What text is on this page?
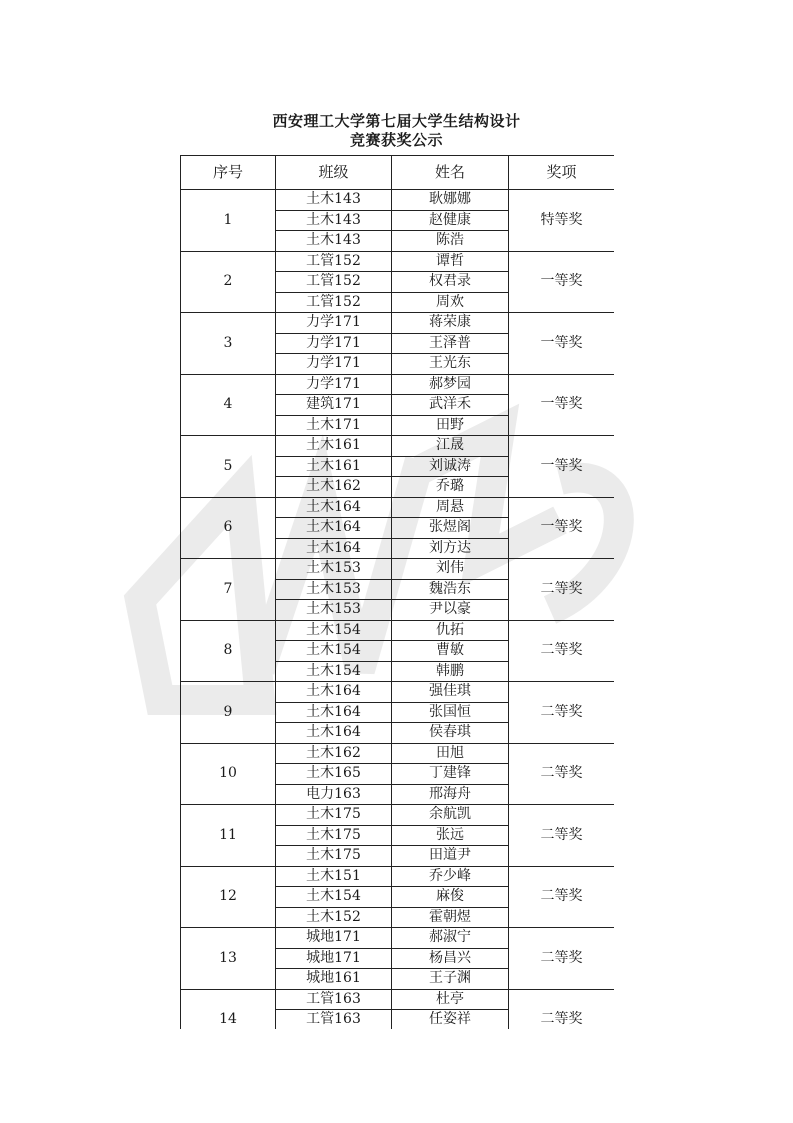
西安理工大学第七届大学生结构设计
竞赛获奖公示
序号	班级	姓名	奖项
1	土木143	耿娜娜	特等奖
	土木143	赵健康	
	土木143	陈浩	
2	工管152	谭哲	一等奖
	工管152	权君录	
	工管152	周欢	
3	力学171	蒋荣康	一等奖
	力学171	王泽普	
	力学171	王光东	
4	力学171	郝梦园	一等奖
	建筑171	武洋禾	
	土木171	田野	
5	土木161	江晟	一等奖
	土木161	刘诚涛	
	土木162	乔璐	
6	土木164	周悬	一等奖
	土木164	张煜阁	
	土木164	刘方达	
7	土木153	刘伟	二等奖
	土木153	魏浩东	
	土木153	尹以豪	
8	土木154	仇拓	二等奖
	土木154	曹敏	
	土木154	韩鹏	
9	土木164	强佳琪	二等奖
	土木164	张国恒	
	土木164	侯春琪	
10	土木162	田旭	二等奖
	土木165	丁建锋	
	电力163	邢海舟	
11	土木175	余航凯	二等奖
	土木175	张远	
	土木175	田道尹	
12	土木151	乔少峰	二等奖
	土木154	麻俊	
	土木152	霍朝煜	
13	城地171	郝淑宁	二等奖
	城地171	杨昌兴	
	城地161	王子渊	
14	工管163	杜亭	二等奖
	工管163	任姿祥	
